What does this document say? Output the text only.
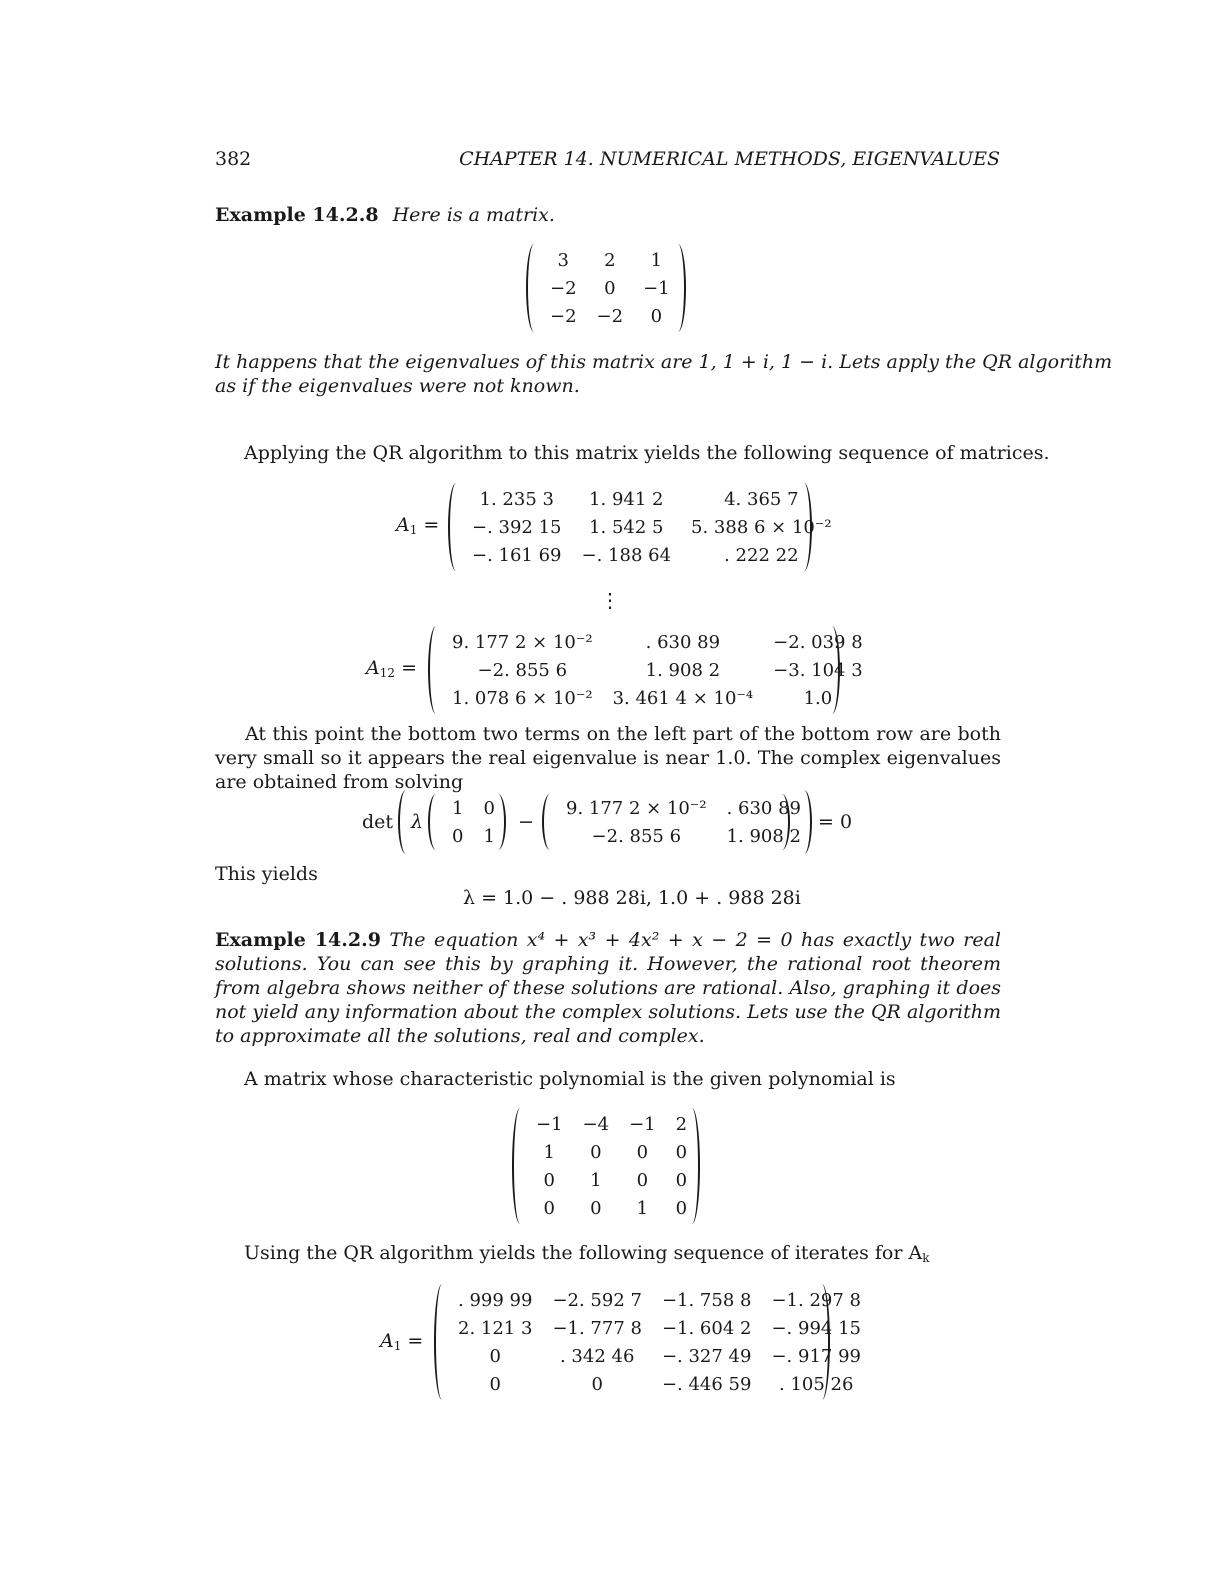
382	CHAPTER 14. NUMERICAL METHODS, EIGENVALUES
Example 14.2.8 Here is a matrix.
3	2	1
−2	0	−1
−2	−2	0
It happens that the eigenvalues of this matrix are 1, 1 + i, 1 − i. Lets apply the QR algorithm
as if the eigenvalues were not known.
Applying the QR algorithm to this matrix yields the following sequence of matrices.
$A_1$ =
1. 235 3	1. 941 2	4. 365 7
−. 392 15	1. 542 5	5. 388 6 × 10⁻²
−. 161 69	−. 188 64	. 222 22
⋮
$A_{12}$ =
9. 177 2 × 10⁻²	. 630 89	−2. 039 8
−2. 855 6	1. 908 2	−3. 104 3
1. 078 6 × 10⁻²	3. 461 4 × 10⁻⁴	1.0
At this point the bottom two terms on the left part of the bottom row are both very small so it appears the real eigenvalue is near 1.0. The complex eigenvalues are obtained from solving
det λ
1	0
0	1
−
9. 177 2 × 10⁻²	. 630 89
−2. 855 6	1. 908 2
= 0
This yields
λ = 1.0 − . 988 28i, 1.0 + . 988 28i
Example 14.2.9 The equation x⁴ + x³ + 4x² + x − 2 = 0 has exactly two real solutions. You can see this by graphing it. However, the rational root theorem from algebra shows neither of these solutions are rational. Also, graphing it does not yield any information about the complex solutions. Lets use the QR algorithm to approximate all the solutions, real and complex.
A matrix whose characteristic polynomial is the given polynomial is
−1	−4	−1	2
1	0	0	0
0	1	0	0
0	0	1	0
Using the QR algorithm yields the following sequence of iterates for $A_k$
$A_1$ =
. 999 99	−2. 592 7	−1. 758 8	−1. 297 8
2. 121 3	−1. 777 8	−1. 604 2	−. 994 15
0	. 342 46	−. 327 49	−. 917 99
0	0	−. 446 59	. 105 26
